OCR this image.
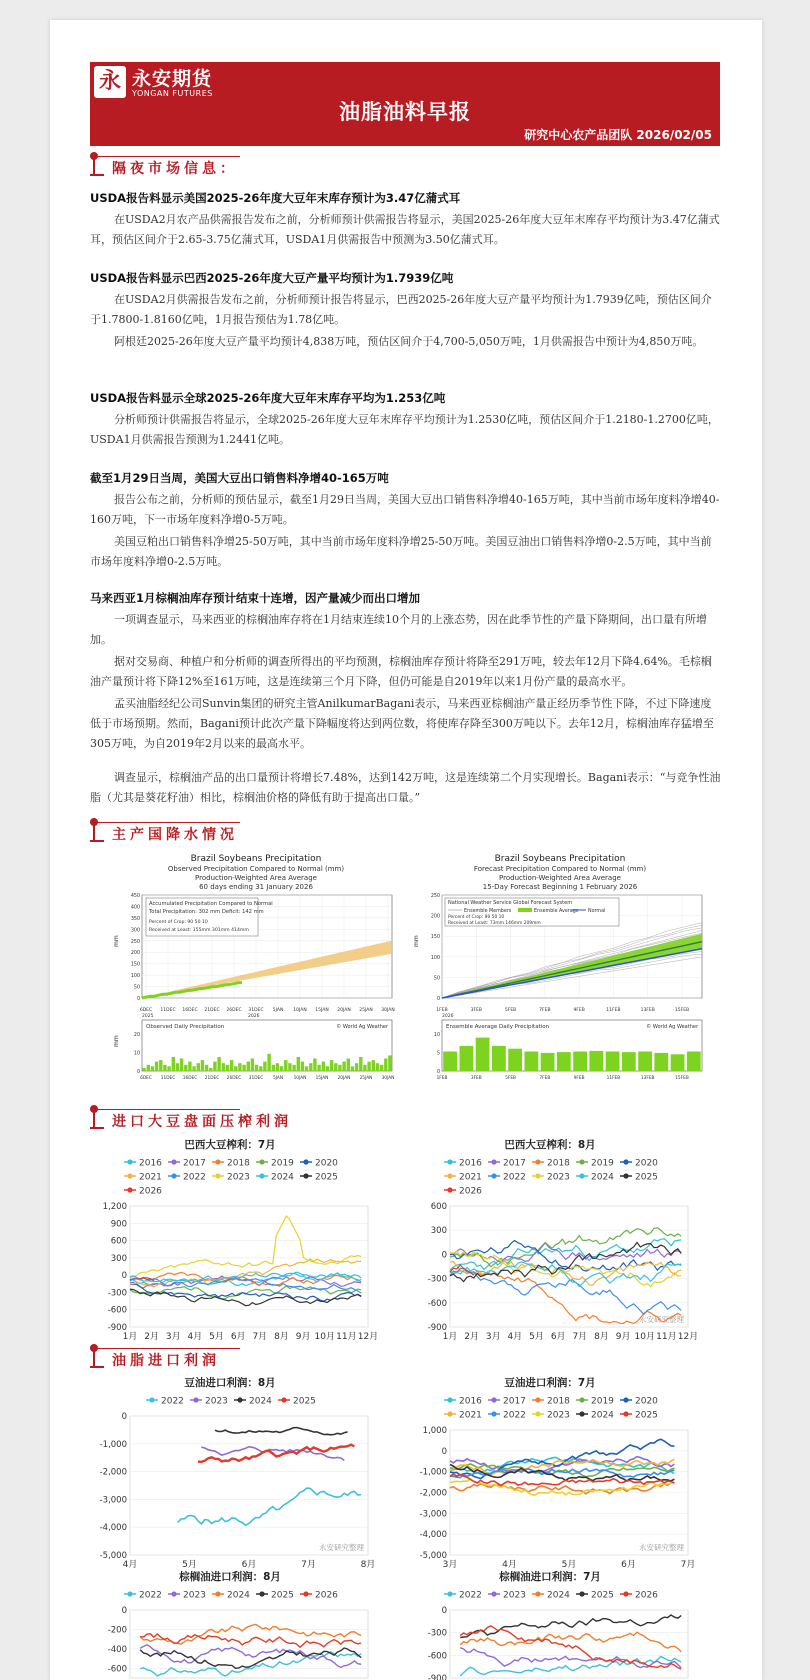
永 永安期货
YONGAN FUTURES
油脂油料早报
研究中心农产品团队 2026/02/05
隔夜市场信息：
USDA报告料显示美国2025-26年度大豆年末库存预计为3.47亿蒲式耳

在USDA2月农产品供需报告发布之前，分析师预计供需报告将显示，美国2025-26年度大豆年末库存平均预计为3.47亿蒲式耳，预估区间介于2.65-3.75亿蒲式耳，USDA1月供需报告中预测为3.50亿蒲式耳。

USDA报告料显示巴西2025-26年度大豆产量平均预计为1.7939亿吨

在USDA2月供需报告发布之前，分析师预计报告将显示，巴西2025-26年度大豆产量平均预计为1.7939亿吨，预估区间介于1.7800-1.8160亿吨，1月报告预估为1.78亿吨。

阿根廷2025-26年度大豆产量平均预计4,838万吨，预估区间介于4,700-5,050万吨，1月供需报告中预计为4,850万吨。

USDA报告料显示全球2025-26年度大豆年末库存平均为1.253亿吨

分析师预计供需报告将显示，全球2025-26年度大豆年末库存平均预计为1.2530亿吨，预估区间介于1.2180-1.2700亿吨，USDA1月供需报告预测为1.2441亿吨。

截至1月29日当周，美国大豆出口销售料净增40-165万吨

报告公布之前，分析师的预估显示，截至1月29日当周，美国大豆出口销售料净增40-165万吨，其中当前市场年度料净增40-160万吨，下一市场年度料净增0-5万吨。

美国豆粕出口销售料净增25-50万吨，其中当前市场年度料净增25-50万吨。美国豆油出口销售料净增0-2.5万吨，其中当前市场年度料净增0-2.5万吨。

马来西亚1月棕榈油库存预计结束十连增，因产量减少而出口增加

一项调查显示，马来西亚的棕榈油库存将在1月结束连续10个月的上涨态势，因在此季节性的产量下降期间，出口量有所增加。

据对交易商、种植户和分析师的调查所得出的平均预测，棕榈油库存预计将降至291万吨，较去年12月下降4.64%。毛棕榈油产量预计将下降12%至161万吨，这是连续第三个月下降，但仍可能是自2019年以来1月份产量的最高水平。

孟买油脂经纪公司Sunvin集团的研究主管AnilkumarBagani表示，马来西亚棕榈油产量正经历季节性下降，不过下降速度低于市场预期。然而，Bagani预计此次产量下降幅度将达到两位数，将使库存降至300万吨以下。去年12月，棕榈油库存猛增至305万吨，为自2019年2月以来的最高水平。

调查显示，棕榈油产品的出口量预计将增长7.48%，达到142万吨，这是连续第二个月实现增长。Bagani表示：“与竞争性油脂（尤其是葵花籽油）相比，棕榈油价格的降低有助于提高出口量。”

主产国降水情况
Brazil Soybeans Precipitation
Observed Precipitation Compared to Normal (mm)
Production-Weighted Area Average
60 days ending 31 January 2026
Accumulated Precipitation Compared to Normal
Total Precipitation: 302 mm Deficit: 142 mm
Percent of Crop: 90 50 10
Received at Least: 155mm 301mm 414mm
mm
450
400
350
300
250
200
150
100
50
0
6DEC 11DEC 16DEC 21DEC 26DEC 31DEC 5JAN 10JAN 15JAN 20JAN 25JAN 30JAN
2025	2026
Observed Daily Precipitation	© World Ag Weather
20
10
0
mm
6DEC 11DEC 16DEC 21DEC 26DEC 31DEC 5JAN 10JAN 15JAN 20JAN 25JAN 30JAN
Brazil Soybeans Precipitation
Forecast Precipitation Compared to Normal (mm)
Production-Weighted Area Average
15-Day Forecast Beginning 1 February 2026
National Weather Service Global Forecast System
Ensemble Members	Ensemble Average Normal
Percent of Crop: 90 50 10
Received at Least: 73mm 146mm 209mm
mm
250
200
150
100
50
0
1FEB	3FEB	5FEB	7FEB	9FEB	11FEB	13FEB	15FEB
2026
Ensemble Average Daily Precipitation	© World Ag Weather
10
5
0
1FEB	3FEB	5FEB	7FEB	9FEB	11FEB	13FEB	15FEB
进口大豆盘面压榨利润
巴西大豆榨利：7月
2016 2017 2018 2019 2020
2021 2022 2023 2024 2025
2026
1,200
900
600
300
0
-300
-600
-900
1月 2月 3月 4月 5月 6月 7月 8月 9月 10月 11月 12月
巴西大豆榨利：8月
2016 2017 2018 2019 2020
2021 2022 2023 2024 2025
2026
600
300
0
-300
-600
-900
1月 2月 3月 4月 5月 6月 7月 8月 9月 10月 11月 12月
永安研究整理
油脂进口利润
豆油进口利润：8月
2022 2023 2024 2025
0
-1,000
-2,000
-3,000
-4,000
-5,000
4月	5月	6月	7月	8月
永安研究整理
豆油进口利润：7月
2016 2017 2018 2019 2020
2021 2022 2023 2024 2025
1,000
0
-1,000
-2,000
-3,000
-4,000
-5,000
3月	4月	5月	6月	7月
永安研究整理
棕榈油进口利润：8月
2022 2023 2024 2025 2026
0
-200
-400
-600
棕榈油进口利润：7月
2022 2023 2024 2025 2026
0
-300
-600
-900
